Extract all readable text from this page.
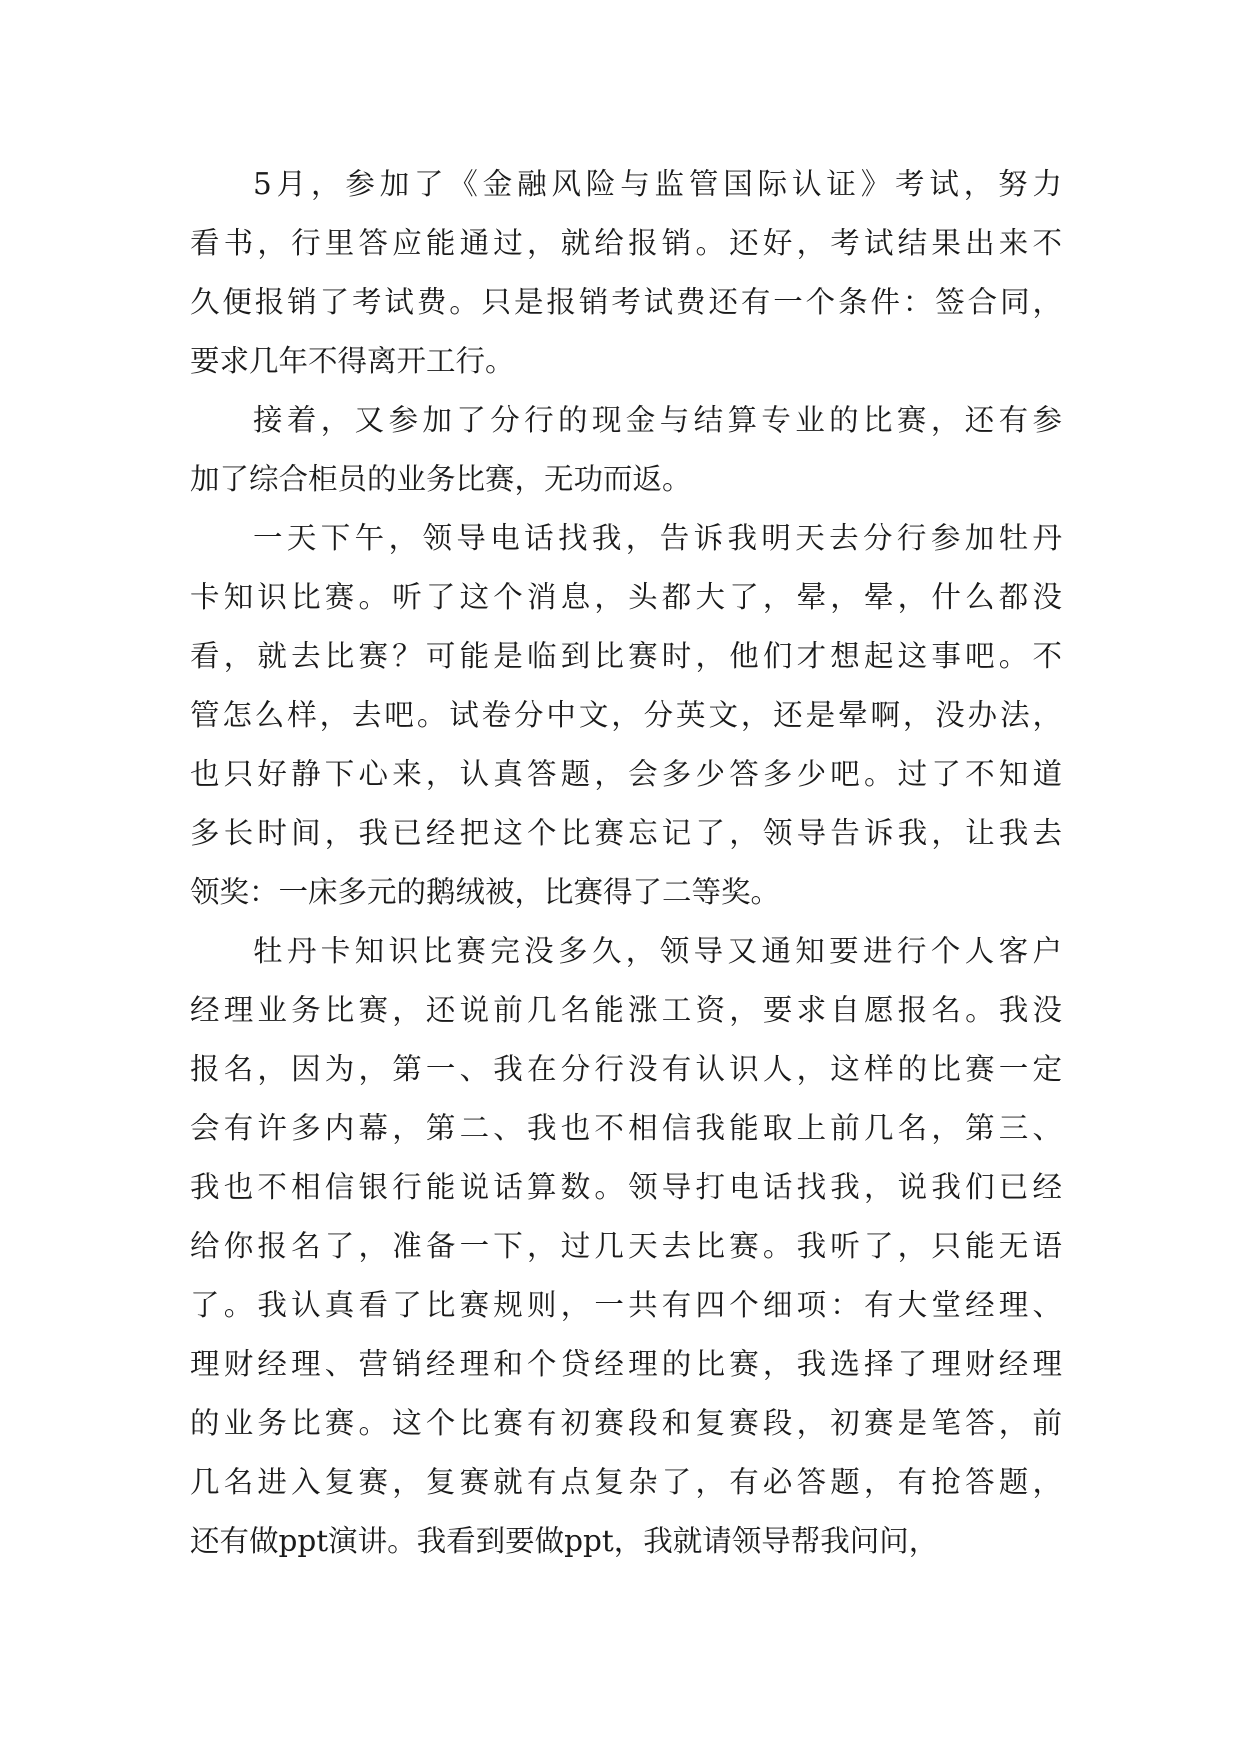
5月，参加了《金融风险与监管国际认证》考试，努力
看书，行里答应能通过，就给报销。还好，考试结果出来不
久便报销了考试费。只是报销考试费还有一个条件：签合同，
要求几年不得离开工行。
接着，又参加了分行的现金与结算专业的比赛，还有参
加了综合柜员的业务比赛，无功而返。
一天下午，领导电话找我，告诉我明天去分行参加牡丹
卡知识比赛。听了这个消息，头都大了，晕，晕，什么都没
看，就去比赛？可能是临到比赛时，他们才想起这事吧。不
管怎么样，去吧。试卷分中文，分英文，还是晕啊，没办法，
也只好静下心来，认真答题，会多少答多少吧。过了不知道
多长时间，我已经把这个比赛忘记了，领导告诉我，让我去
领奖：一床多元的鹅绒被，比赛得了二等奖。
牡丹卡知识比赛完没多久，领导又通知要进行个人客户
经理业务比赛，还说前几名能涨工资，要求自愿报名。我没
报名，因为，第一、我在分行没有认识人，这样的比赛一定
会有许多内幕，第二、我也不相信我能取上前几名，第三、
我也不相信银行能说话算数。领导打电话找我，说我们已经
给你报名了，准备一下，过几天去比赛。我听了，只能无语
了。我认真看了比赛规则，一共有四个细项：有大堂经理、
理财经理、营销经理和个贷经理的比赛，我选择了理财经理
的业务比赛。这个比赛有初赛段和复赛段，初赛是笔答，前
几名进入复赛，复赛就有点复杂了，有必答题，有抢答题，
还有做ppt演讲。我看到要做ppt，我就请领导帮我问问，
